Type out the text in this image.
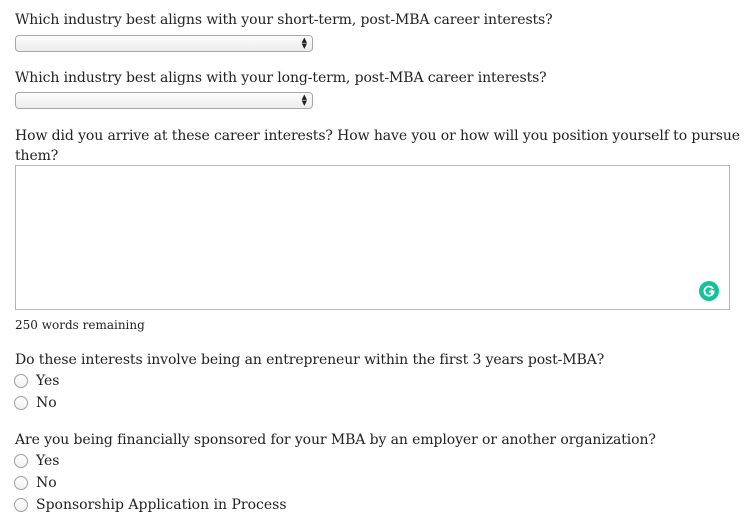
Which industry best aligns with your short-term, post-MBA career interests?
▲
▼
Which industry best aligns with your long-term, post-MBA career interests?
▲
▼
How did you arrive at these career interests? How have you or how will you position yourself to pursue them?
250 words remaining
Do these interests involve being an entrepreneur within the first 3 years post-MBA?
Yes
No
Are you being financially sponsored for your MBA by an employer or another organization?
Yes
No
Sponsorship Application in Process
